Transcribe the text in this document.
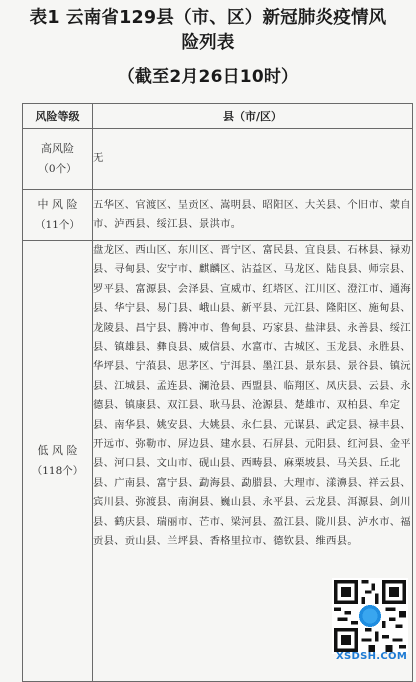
表1 云南省129县（市、区）新冠肺炎疫情风
险列表
（截至2月26日10时）
风险等级	县（市/区）

高风险
（0个）	无

中 风 险
（11个）	五华区、官渡区、呈贡区、嵩明县、昭阳区、大关县、个旧市、蒙自市、泸西县、绥江县、景洪市。

低 风 险
（118个）	盘龙区、西山区、东川区、晋宁区、富民县、宜良县、石林县、禄劝县、寻甸县、安宁市、麒麟区、沾益区、马龙区、陆良县、师宗县、罗平县、富源县、会泽县、宣威市、红塔区、江川区、澄江市、通海县、华宁县、易门县、峨山县、新平县、元江县、隆阳区、施甸县、龙陵县、昌宁县、腾冲市、鲁甸县、巧家县、盐津县、永善县、绥江县、镇雄县、彝良县、威信县、水富市、古城区、玉龙县、永胜县、华坪县、宁蒗县、思茅区、宁洱县、墨江县、景东县、景谷县、镇沅县、江城县、孟连县、澜沧县、西盟县、临翔区、凤庆县、云县、永德县、镇康县、双江县、耿马县、沧源县、楚雄市、双柏县、牟定县、南华县、姚安县、大姚县、永仁县、元谋县、武定县、禄丰县、开远市、弥勒市、屏边县、建水县、石屏县、元阳县、红河县、金平县、河口县、文山市、砚山县、西畴县、麻栗坡县、马关县、丘北县、广南县、富宁县、勐海县、勐腊县、大理市、漾濞县、祥云县、宾川县、弥渡县、南涧县、巍山县、永平县、云龙县、洱源县、剑川县、鹤庆县、瑞丽市、芒市、梁河县、盈江县、陇川县、泸水市、福贡县、贡山县、兰坪县、香格里拉市、德钦县、维西县。
XSDSH.COM
